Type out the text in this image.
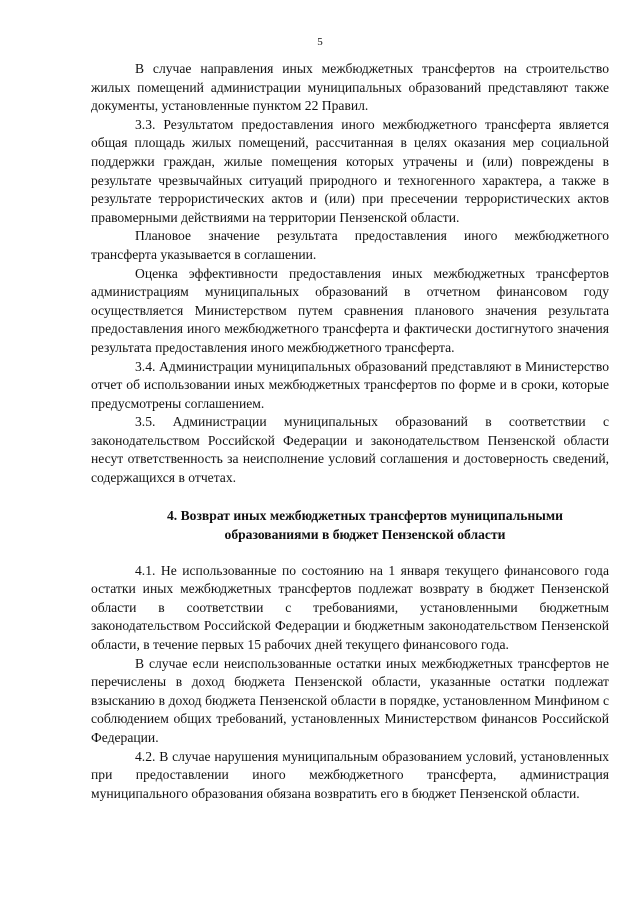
5

В случае направления иных межбюджетных трансфертов на строительство жилых помещений администрации муниципальных образований представляют также документы, установленные пунктом 22 Правил.

3.3. Результатом предоставления иного межбюджетного трансферта является общая площадь жилых помещений, рассчитанная в целях оказания мер социальной поддержки граждан, жилые помещения которых утрачены и (или) повреждены в результате чрезвычайных ситуаций природного и техногенного характера, а также в результате террористических актов и (или) при пресечении террористических актов правомерными действиями на территории Пензенской области.

Плановое значение результата предоставления иного межбюджетного трансферта указывается в соглашении.

Оценка эффективности предоставления иных межбюджетных трансфертов администрациям муниципальных образований в отчетном финансовом году осуществляется Министерством путем сравнения планового значения результата предоставления иного межбюджетного трансферта и фактически достигнутого значения результата предоставления иного межбюджетного трансферта.

3.4. Администрации муниципальных образований представляют в Министерство отчет об использовании иных межбюджетных трансфертов по форме и в сроки, которые предусмотрены соглашением.

3.5. Администрации муниципальных образований в соответствии с законодательством Российской Федерации и законодательством Пензенской области несут ответственность за неисполнение условий соглашения и достоверность сведений, содержащихся в отчетах.

4. Возврат иных межбюджетных трансфертов муниципальными
образованиями в бюджет Пензенской области

4.1. Не использованные по состоянию на 1 января текущего финансового года остатки иных межбюджетных трансфертов подлежат возврату в бюджет Пензенской области в соответствии с требованиями, установленными бюджетным законодательством Российской Федерации и бюджетным законодательством Пензенской области, в течение первых 15 рабочих дней текущего финансового года.

В случае если неиспользованные остатки иных межбюджетных трансфертов не перечислены в доход бюджета Пензенской области, указанные остатки подлежат взысканию в доход бюджета Пензенской области в порядке, установленном Минфином с соблюдением общих требований, установленных Министерством финансов Российской Федерации.

4.2. В случае нарушения муниципальным образованием условий, установленных при предоставлении иного межбюджетного трансферта, администрация муниципального образования обязана возвратить его в бюджет Пензенской области.
